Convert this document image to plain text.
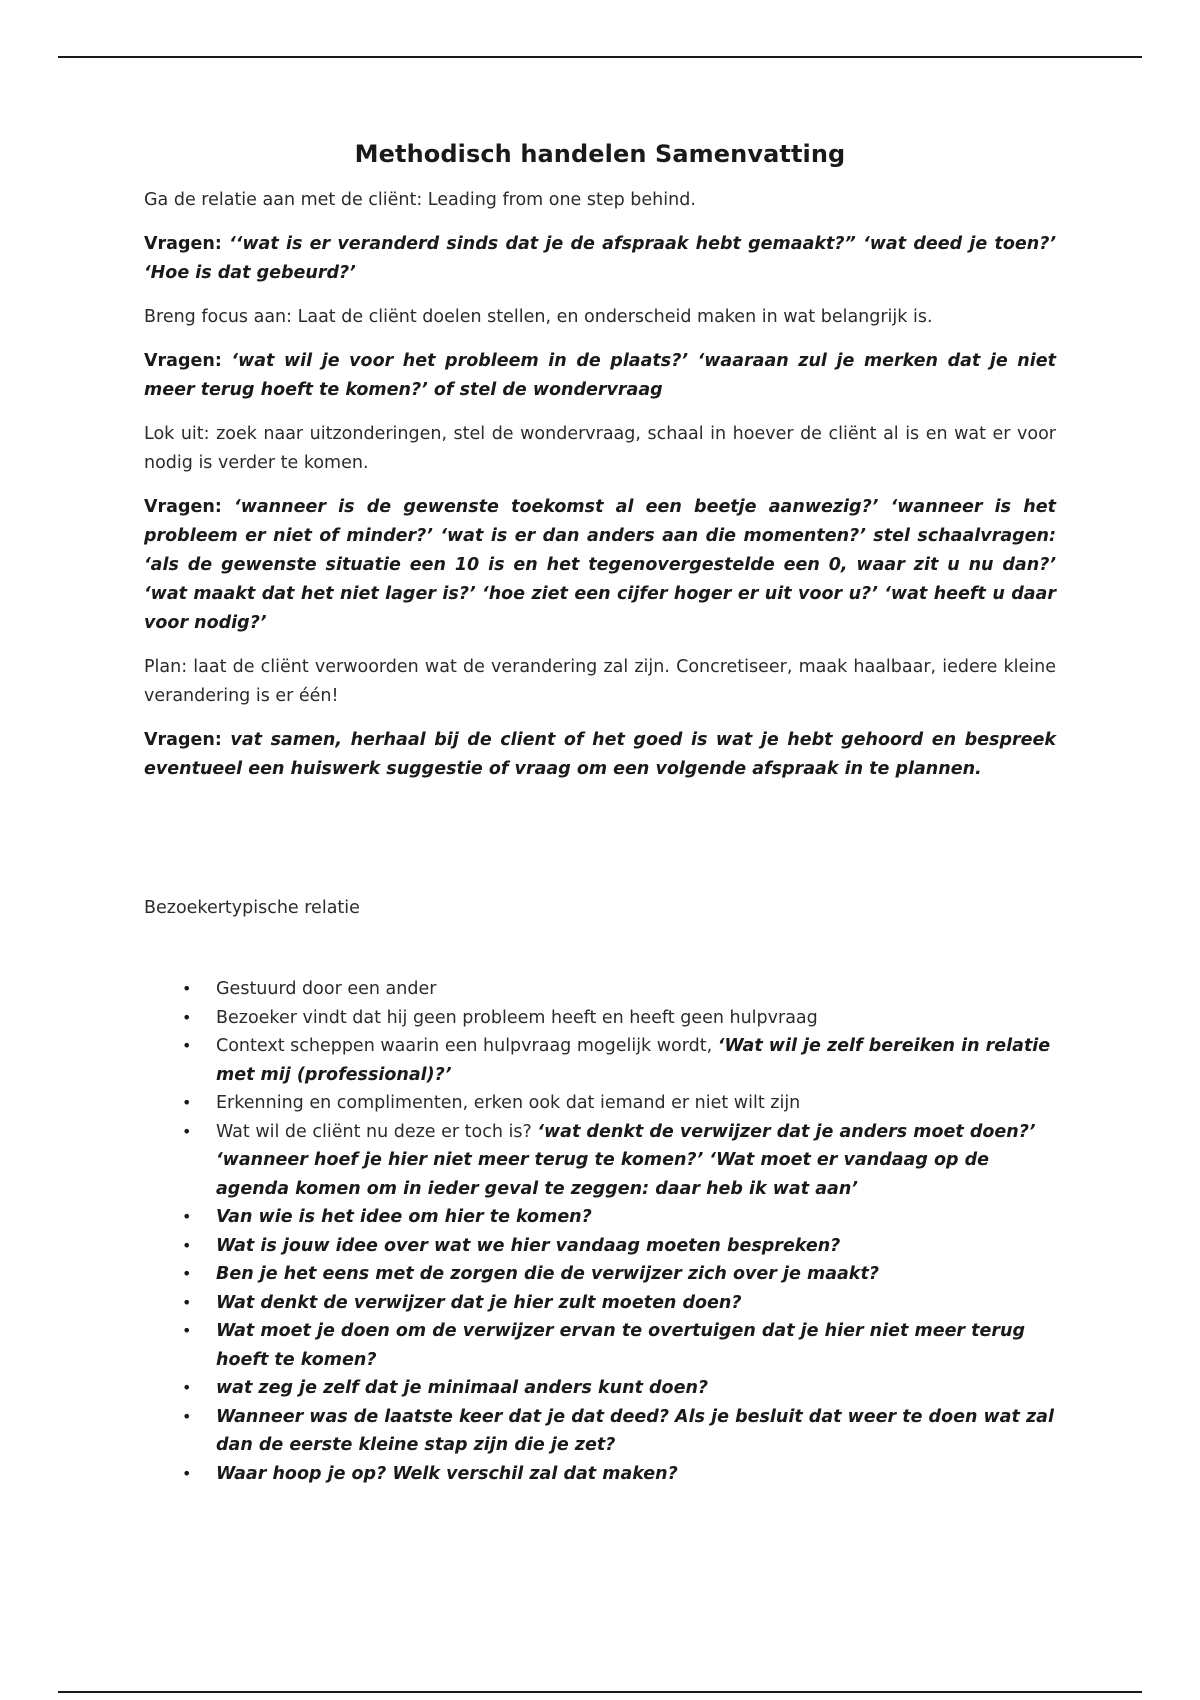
Methodisch handelen Samenvatting

Ga de relatie aan met de cliënt: Leading from one step behind.

Vragen: ‘‘wat is er veranderd sinds dat je de afspraak hebt gemaakt?” ‘wat deed je toen?’ ‘Hoe is dat gebeurd?’

Breng focus aan: Laat de cliënt doelen stellen, en onderscheid maken in wat belangrijk is.

Vragen: ‘wat wil je voor het probleem in de plaats?’ ‘waaraan zul je merken dat je niet meer terug hoeft te komen?’ of stel de wondervraag

Lok uit: zoek naar uitzonderingen, stel de wondervraag, schaal in hoever de cliënt al is en wat er voor nodig is verder te komen.

Vragen: ‘wanneer is de gewenste toekomst al een beetje aanwezig?’ ‘wanneer is het probleem er niet of minder?’ ‘wat is er dan anders aan die momenten?’ stel schaalvragen: ‘als de gewenste situatie een 10 is en het tegenovergestelde een 0, waar zit u nu dan?’ ‘wat maakt dat het niet lager is?’ ‘hoe ziet een cijfer hoger er uit voor u?’ ‘wat heeft u daar voor nodig?’

Plan: laat de cliënt verwoorden wat de verandering zal zijn. Concretiseer, maak haalbaar, iedere kleine verandering is er één!

Vragen: vat samen, herhaal bij de client of het goed is wat je hebt gehoord en bespreek eventueel een huiswerk suggestie of vraag om een volgende afspraak in te plannen.

Bezoekertypische relatie

• Gestuurd door een ander
• Bezoeker vindt dat hij geen probleem heeft en heeft geen hulpvraag
• Context scheppen waarin een hulpvraag mogelijk wordt, ‘Wat wil je zelf bereiken in relatie met mij (professional)?’
• Erkenning en complimenten, erken ook dat iemand er niet wilt zijn
• Wat wil de cliënt nu deze er toch is? ‘wat denkt de verwijzer dat je anders moet doen?’ ‘wanneer hoef je hier niet meer terug te komen?’ ‘Wat moet er vandaag op de agenda komen om in ieder geval te zeggen: daar heb ik wat aan’
• Van wie is het idee om hier te komen?
• Wat is jouw idee over wat we hier vandaag moeten bespreken?
• Ben je het eens met de zorgen die de verwijzer zich over je maakt?
• Wat denkt de verwijzer dat je hier zult moeten doen?
• Wat moet je doen om de verwijzer ervan te overtuigen dat je hier niet meer terug hoeft te komen?
• wat zeg je zelf dat je minimaal anders kunt doen?
• Wanneer was de laatste keer dat je dat deed? Als je besluit dat weer te doen wat zal dan de eerste kleine stap zijn die je zet?
• Waar hoop je op? Welk verschil zal dat maken?
